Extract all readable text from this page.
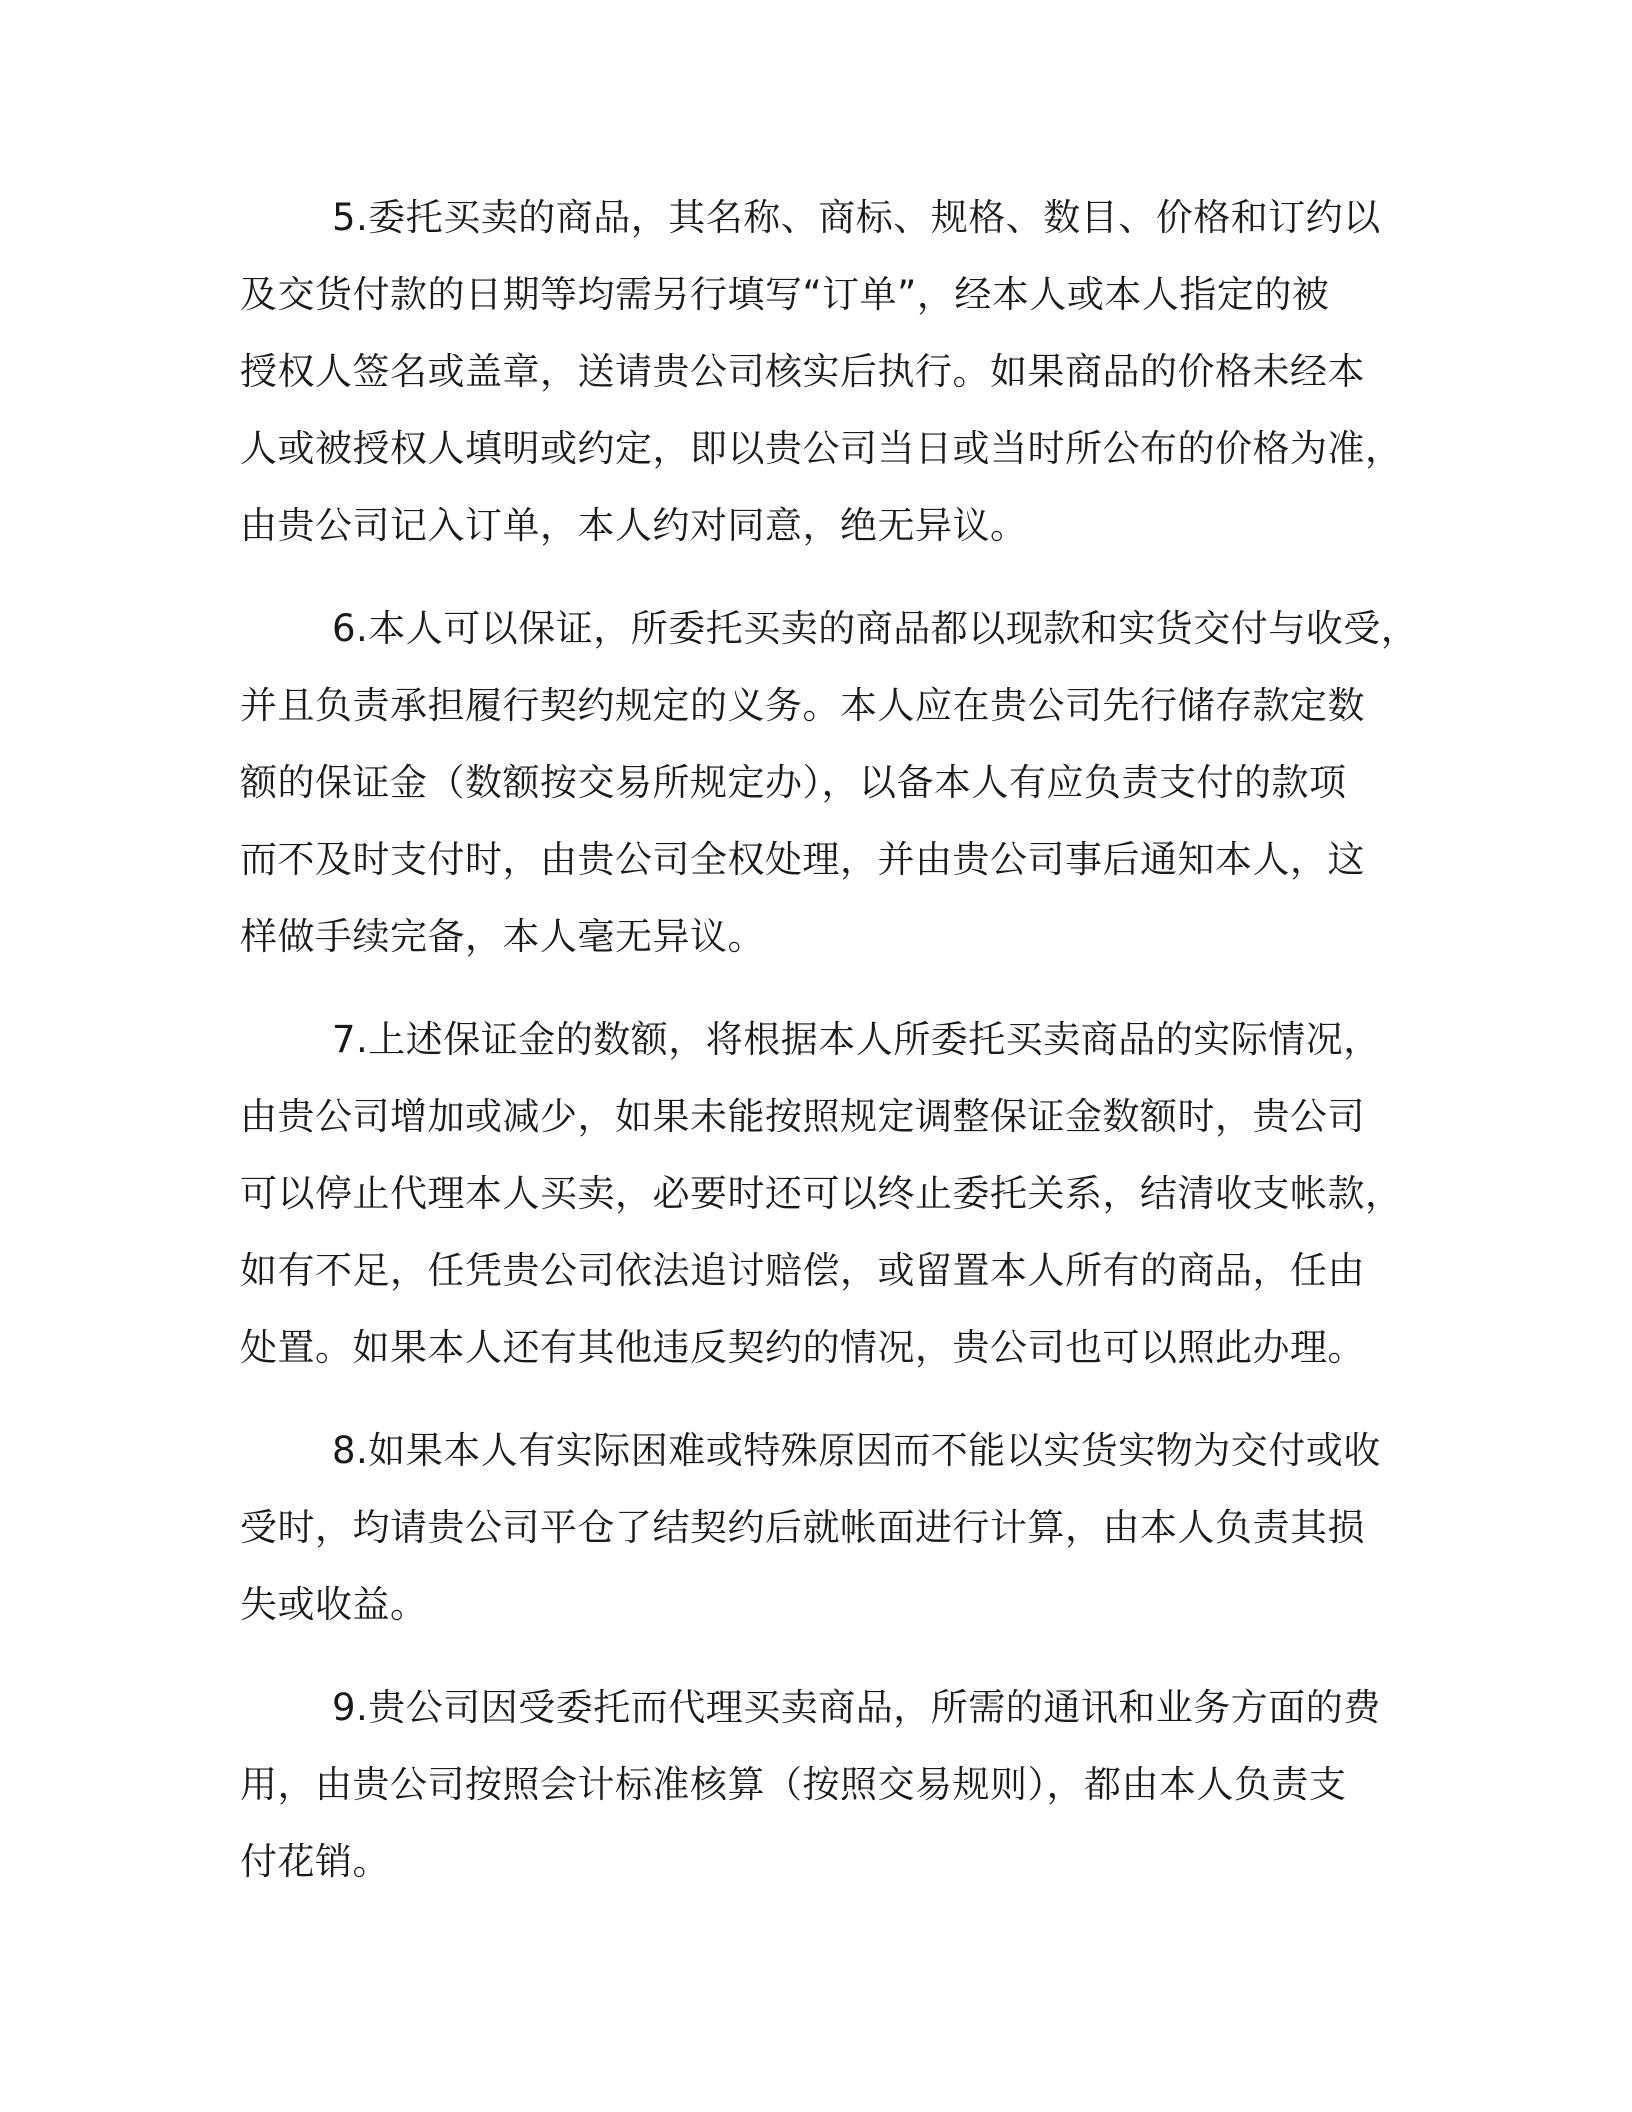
5.委托买卖的商品，其名称、商标、规格、数目、价格和订约以
及交货付款的日期等均需另行填写“订单”，经本人或本人指定的被
授权人签名或盖章，送请贵公司核实后执行。如果商品的价格未经本
人或被授权人填明或约定，即以贵公司当日或当时所公布的价格为准，
由贵公司记入订单，本人约对同意，绝无异议。
6.本人可以保证，所委托买卖的商品都以现款和实货交付与收受，
并且负责承担履行契约规定的义务。本人应在贵公司先行储存款定数
额的保证金（数额按交易所规定办），以备本人有应负责支付的款项
而不及时支付时，由贵公司全权处理，并由贵公司事后通知本人，这
样做手续完备，本人毫无异议。
7.上述保证金的数额，将根据本人所委托买卖商品的实际情况，
由贵公司增加或减少，如果未能按照规定调整保证金数额时，贵公司
可以停止代理本人买卖，必要时还可以终止委托关系，结清收支帐款，
如有不足，任凭贵公司依法追讨赔偿，或留置本人所有的商品，任由
处置。如果本人还有其他违反契约的情况，贵公司也可以照此办理。
8.如果本人有实际困难或特殊原因而不能以实货实物为交付或收
受时，均请贵公司平仓了结契约后就帐面进行计算，由本人负责其损
失或收益。
9.贵公司因受委托而代理买卖商品，所需的通讯和业务方面的费
用，由贵公司按照会计标准核算（按照交易规则），都由本人负责支
付花销。
